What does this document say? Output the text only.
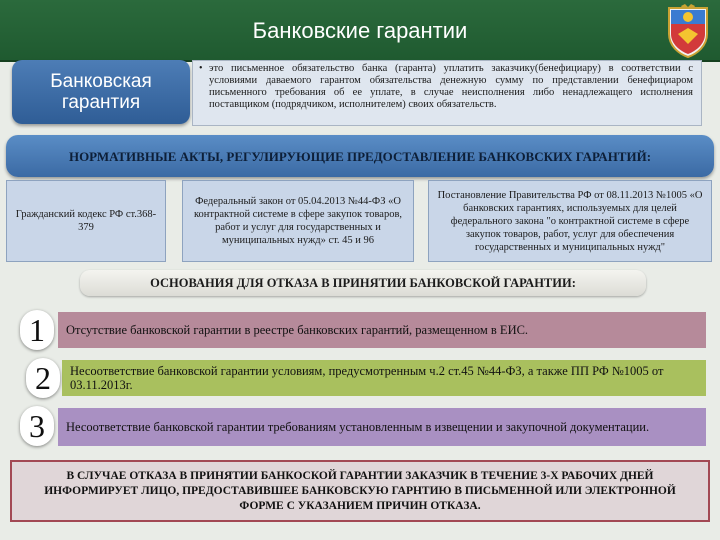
Банковские гарантии
Банковская гарантия
• это письменное обязательство банка (гаранта) уплатить заказчику(бенефициару) в соответствии с условиями даваемого гарантом обязательства денежную сумму по представлении бенефициаром письменного требования об ее уплате, в случае неисполнения либо ненадлежащего исполнения поставщиком (подрядчиком, исполнителем) своих обязательств.
НОРМАТИВНЫЕ АКТЫ, РЕГУЛИРУЮЩИЕ ПРЕДОСТАВЛЕНИЕ БАНКОВСКИХ ГАРАНТИЙ:
Гражданский кодекс РФ ст.368-379
Федеральный закон от 05.04.2013 №44-ФЗ «О контрактной системе в сфере закупок товаров, работ и услуг для государственных и муниципальных нужд» ст. 45 и 96
Постановление Правительства РФ от 08.11.2013 №1005 «О банковских гарантиях, используемых для целей федерального закона "о контрактной системе в сфере закупок товаров, работ, услуг для обеспечения государственных и муниципальных нужд"
ОСНОВАНИЯ ДЛЯ ОТКАЗА В ПРИНЯТИИ БАНКОВСКОЙ ГАРАНТИИ:
Отсутствие банковской гарантии в реестре банковских гарантий, размещенном в ЕИС.
1
Несоответствие банковской гарантии условиям, предусмотренным ч.2 ст.45 №44-ФЗ, а также ПП РФ №1005 от 03.11.2013г.
2
Несоответствие банковской гарантии требованиям установленным в извещении и закупочной документации.
3
В СЛУЧАЕ ОТКАЗА В ПРИНЯТИИ БАНКОСКОЙ ГАРАНТИИ ЗАКАЗЧИК В ТЕЧЕНИЕ 3-Х РАБОЧИХ ДНЕЙ ИНФОРМИРУЕТ ЛИЦО, ПРЕДОСТАВИВШЕЕ БАНКОВСКУЮ ГАРНТИЮ В ПИСЬМЕННОЙ ИЛИ ЭЛЕКТРОННОЙ ФОРМЕ С УКАЗАНИЕМ ПРИЧИН ОТКАЗА.
